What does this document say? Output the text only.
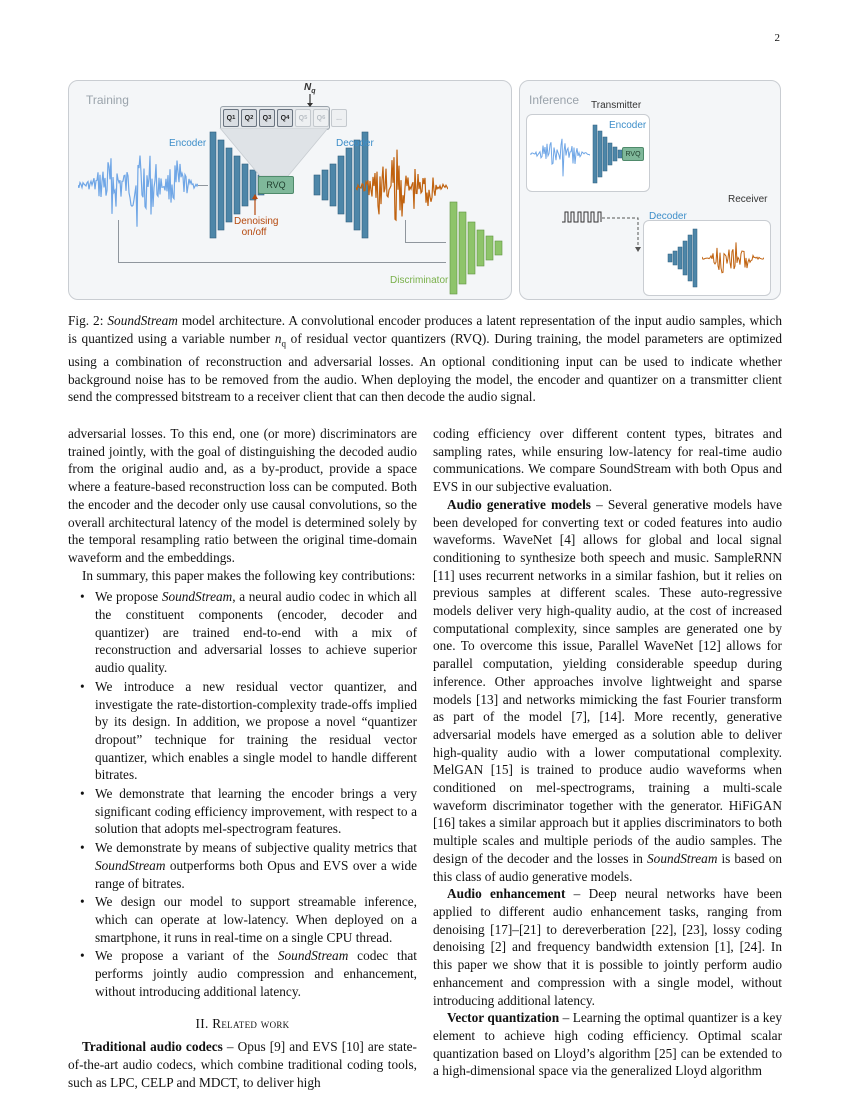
2
Training	Inference
Q 1 Q 2 Q 3 Q 4 Q 5 Q 6 ...
$N_q$
RVQ
Encoder	Decoder
Denoising
on/off
Discriminator
Transmitter
RVQ
Encoder
Receiver
Decoder
Fig. 2: SoundStream model architecture. A convolutional encoder produces a latent representation of the input audio samples, which is quantized using a variable number $n_q$ of residual vector quantizers (RVQ). During training, the model parameters are optimized using a combination of reconstruction and adversarial losses. An optional conditioning input can be used to indicate whether background noise has to be removed from the audio. When deploying the model, the encoder and quantizer on a transmitter client send the compressed bitstream to a receiver client that can then decode the audio signal.

adversarial losses. To this end, one (or more) discriminators are trained jointly, with the goal of distinguishing the decoded audio from the original audio and, as a by-product, provide a space where a feature-based reconstruction loss can be computed. Both the encoder and the decoder only use causal convolutions, so the overall architectural latency of the model is determined solely by the temporal resampling ratio between the original time-domain waveform and the embeddings.

In summary, this paper makes the following key contributions:

• We propose SoundStream, a neural audio codec in which all the constituent components (encoder, decoder and quantizer) are trained end-to-end with a mix of reconstruction and adversarial losses to achieve superior audio quality.
• We introduce a new residual vector quantizer, and investigate the rate-distortion-complexity trade-offs implied by its design. In addition, we propose a novel “quantizer dropout” technique for training the residual vector quantizer, which enables a single model to handle different bitrates.
• We demonstrate that learning the encoder brings a very significant coding efficiency improvement, with respect to a solution that adopts mel-spectrogram features.
• We demonstrate by means of subjective quality metrics that SoundStream outperforms both Opus and EVS over a wide range of bitrates.
• We design our model to support streamable inference, which can operate at low-latency. When deployed on a smartphone, it runs in real-time on a single CPU thread.
• We propose a variant of the SoundStream codec that performs jointly audio compression and enhancement, without introducing additional latency.
II. Related work

Traditional audio codecs – Opus [9] and EVS [10] are state-of-the-art audio codecs, which combine traditional coding tools, such as LPC, CELP and MDCT, to deliver high

coding efficiency over different content types, bitrates and sampling rates, while ensuring low-latency for real-time audio communications. We compare SoundStream with both Opus and EVS in our subjective evaluation.

Audio generative models – Several generative models have been developed for converting text or coded features into audio waveforms. WaveNet [4] allows for global and local signal conditioning to synthesize both speech and music. SampleRNN [11] uses recurrent networks in a similar fashion, but it relies on previous samples at different scales. These auto-regressive models deliver very high-quality audio, at the cost of increased computational complexity, since samples are generated one by one. To overcome this issue, Parallel WaveNet [12] allows for parallel computation, yielding considerable speedup during inference. Other approaches involve lightweight and sparse models [13] and networks mimicking the fast Fourier transform as part of the model [7], [14]. More recently, generative adversarial models have emerged as a solution able to deliver high-quality audio with a lower computational complexity. MelGAN [15] is trained to produce audio waveforms when conditioned on mel-spectrograms, training a multi-scale waveform discriminator together with the generator. HiFiGAN [16] takes a similar approach but it applies discriminators to both multiple scales and multiple periods of the audio samples. The design of the decoder and the losses in SoundStream is based on this class of audio generative models.

Audio enhancement – Deep neural networks have been applied to different audio enhancement tasks, ranging from denoising [17]–[21] to dereverberation [22], [23], lossy coding denoising [2] and frequency bandwidth extension [1], [24]. In this paper we show that it is possible to jointly perform audio enhancement and compression with a single model, without introducing additional latency.

Vector quantization – Learning the optimal quantizer is a key element to achieve high coding efficiency. Optimal scalar quantization based on Lloyd’s algorithm [25] can be extended to a high-dimensional space via the generalized Lloyd algorithm
